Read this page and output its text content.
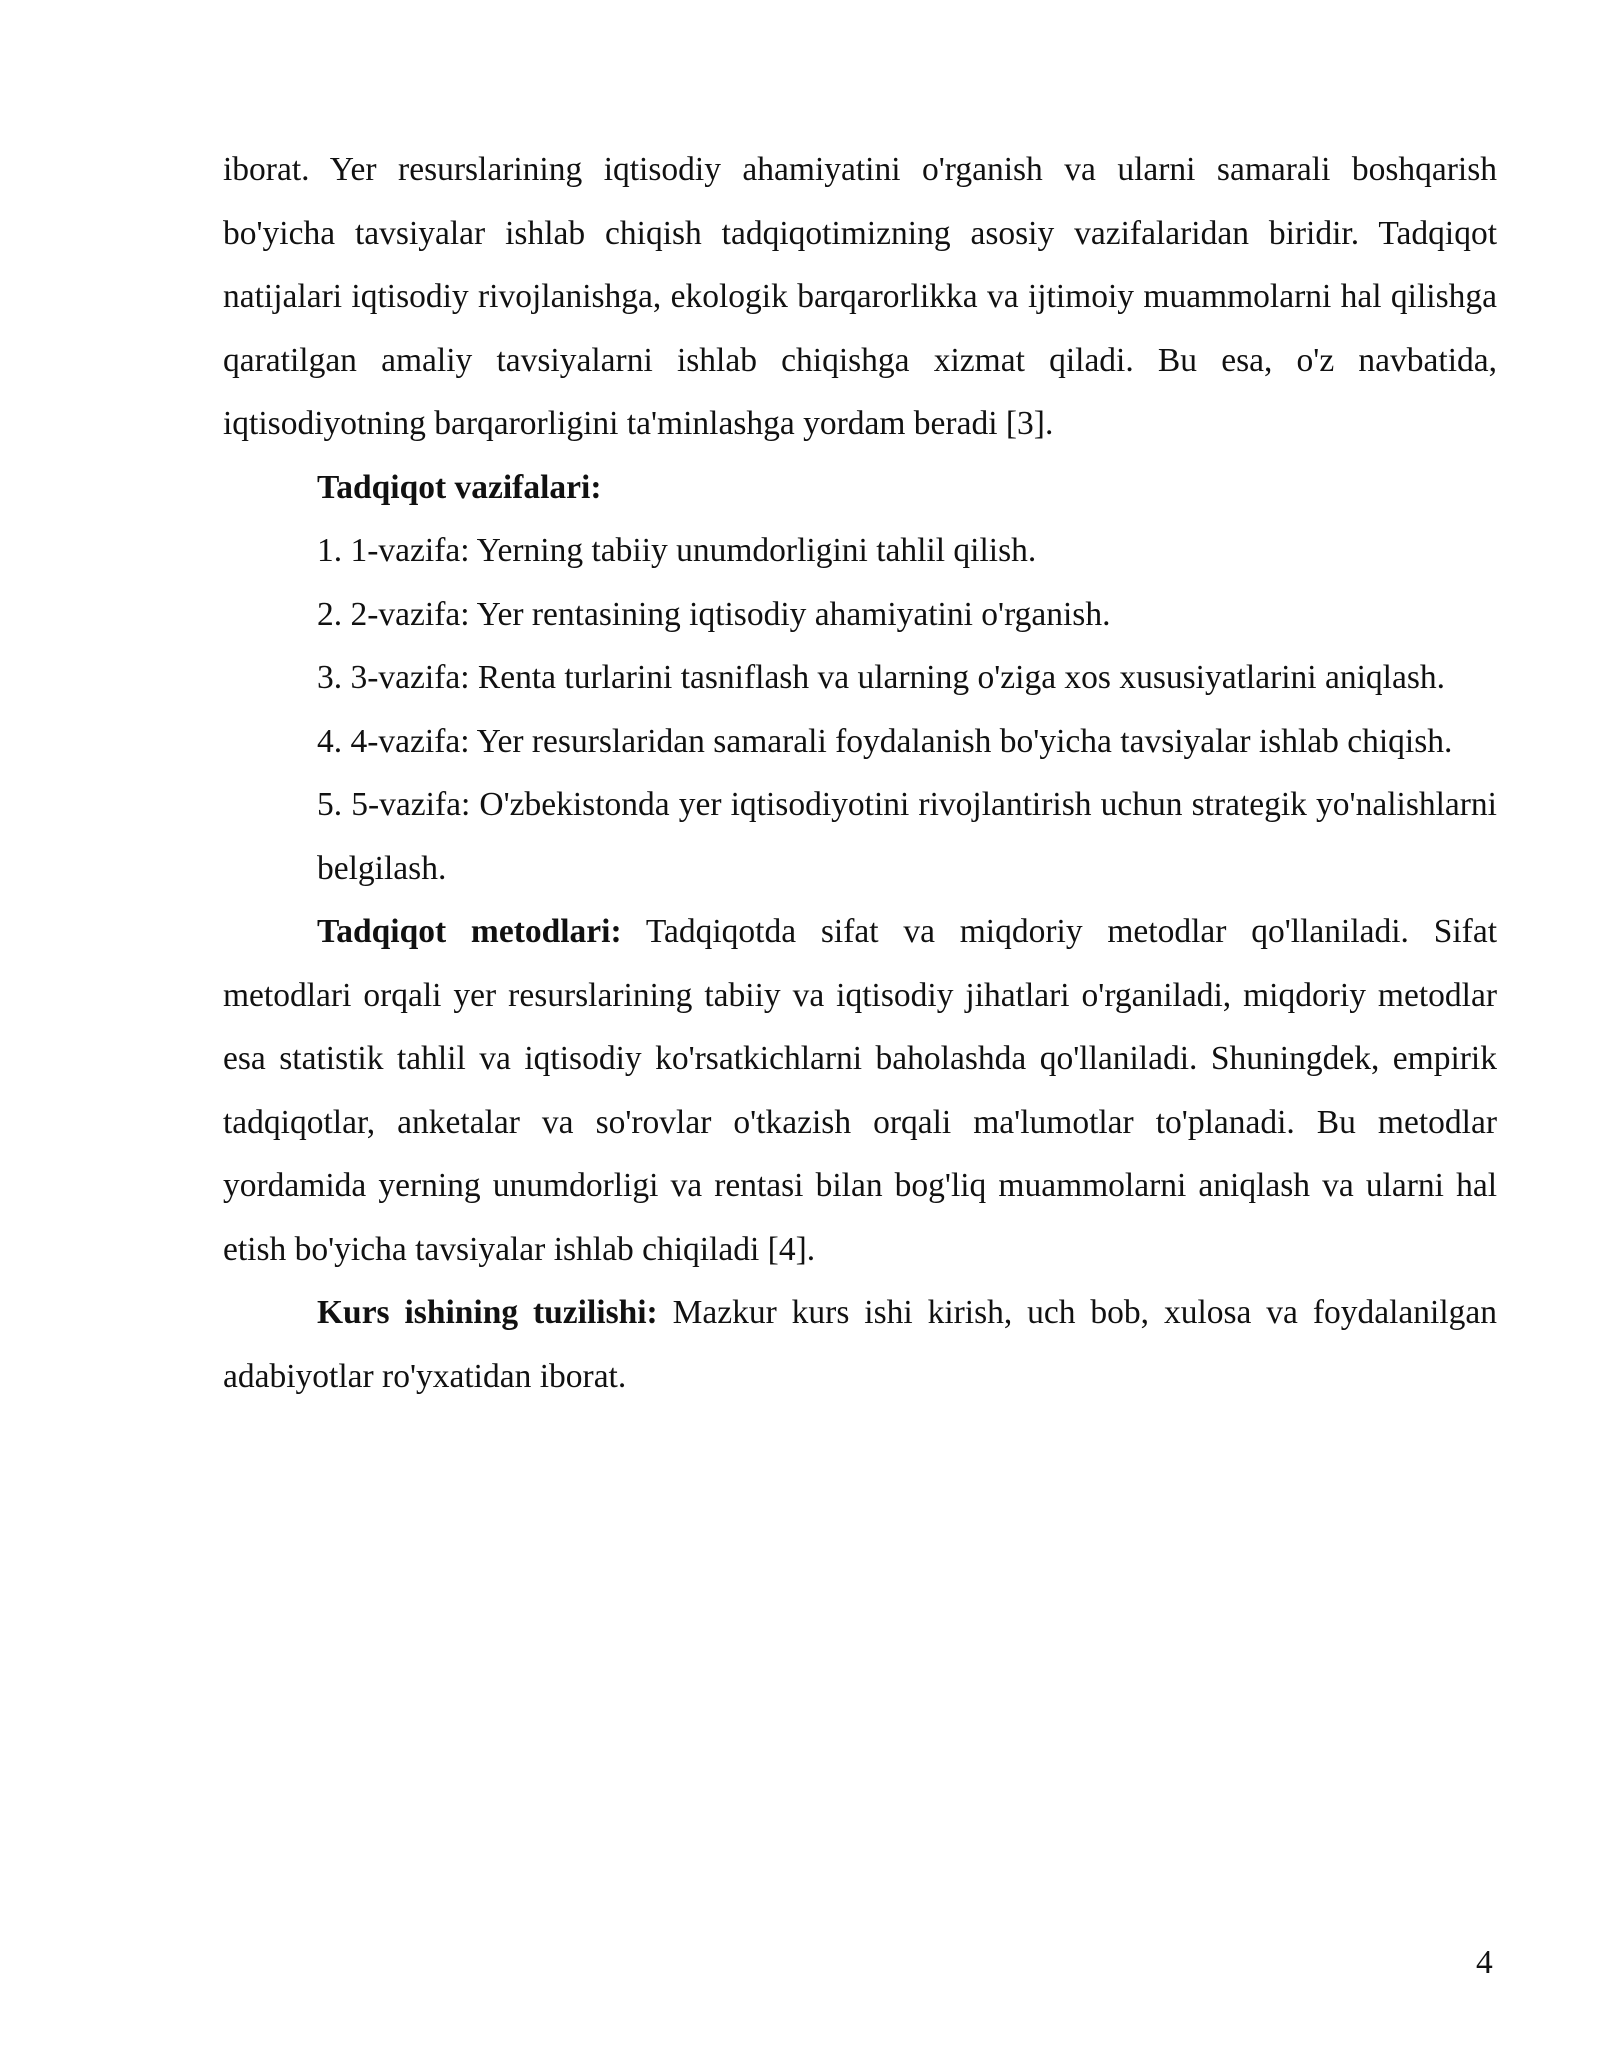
iborat. Yer resurslarining iqtisodiy ahamiyatini o'rganish va ularni samarali boshqarish bo'yicha tavsiyalar ishlab chiqish tadqiqotimizning asosiy vazifalaridan biridir. Tadqiqot natijalari iqtisodiy rivojlanishga, ekologik barqarorlikka va ijtimoiy muammolarni hal qilishga qaratilgan amaliy tavsiyalarni ishlab chiqishga xizmat qiladi. Bu esa, o'z navbatida, iqtisodiyotning barqarorligini ta'minlashga yordam beradi [3].

Tadqiqot vazifalari:

1. 1-vazifa: Yerning tabiiy unumdorligini tahlil qilish.

2. 2-vazifa: Yer rentasining iqtisodiy ahamiyatini o'rganish.

3. 3-vazifa: Renta turlarini tasniflash va ularning o'ziga xos xususiyatlarini aniqlash.

4. 4-vazifa: Yer resurslaridan samarali foydalanish bo'yicha tavsiyalar ishlab chiqish.

5. 5-vazifa: O'zbekistonda yer iqtisodiyotini rivojlantirish uchun strategik yo'nalishlarni belgilash.

Tadqiqot metodlari: Tadqiqotda sifat va miqdoriy metodlar qo'llaniladi. Sifat metodlari orqali yer resurslarining tabiiy va iqtisodiy jihatlari o'rganiladi, miqdoriy metodlar esa statistik tahlil va iqtisodiy ko'rsatkichlarni baholashda qo'llaniladi. Shuningdek, empirik tadqiqotlar, anketalar va so'rovlar o'tkazish orqali ma'lumotlar to'planadi. Bu metodlar yordamida yerning unumdorligi va rentasi bilan bog'liq muammolarni aniqlash va ularni hal etish bo'yicha tavsiyalar ishlab chiqiladi [4].

Kurs ishining tuzilishi: Mazkur kurs ishi kirish, uch bob, xulosa va foydalanilgan adabiyotlar ro'yxatidan iborat.

4
